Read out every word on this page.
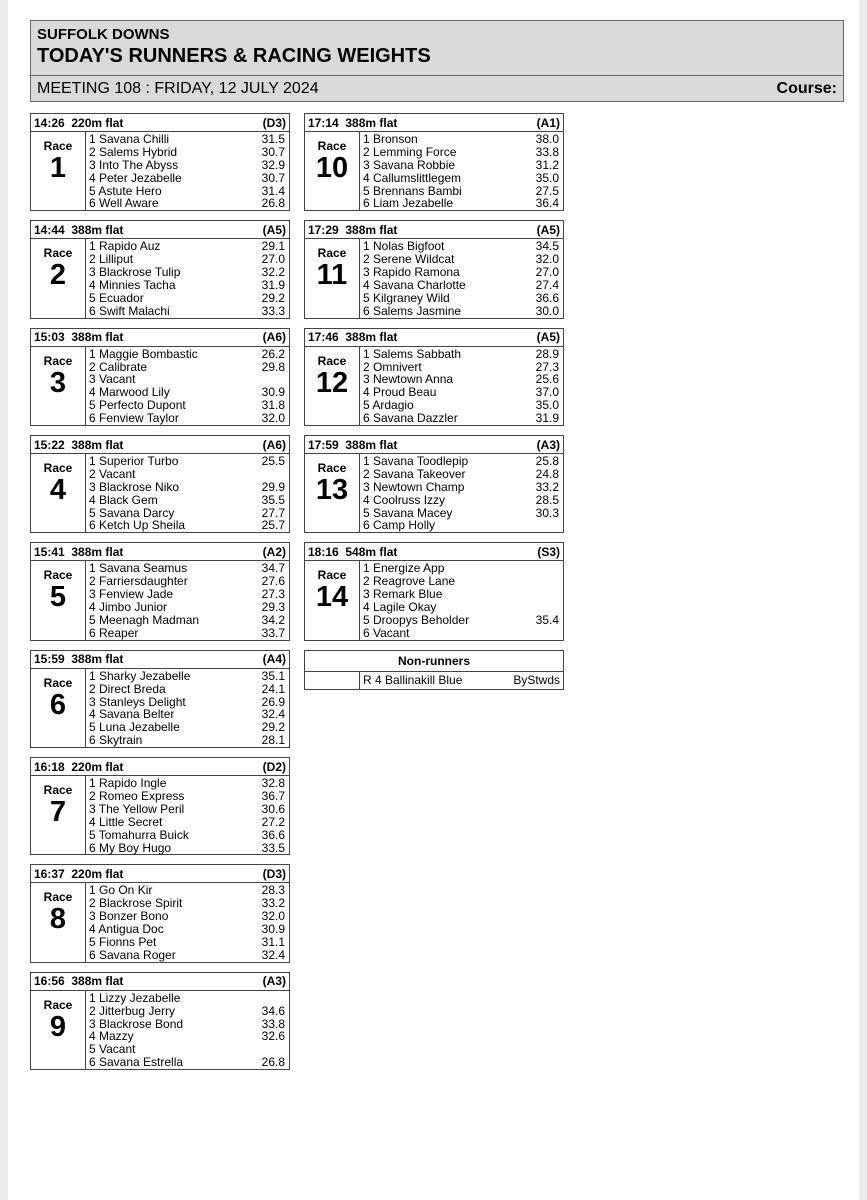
SUFFOLK DOWNS
TODAY'S RUNNERS & RACING WEIGHTS
MEETING 108 : FRIDAY, 12 JULY 2024	Course:
14:26 220m flat	(D3)
Race
1
1 Savana Chilli	31.5
2 Salems Hybrid	30.7
3 Into The Abyss	32.9
4 Peter Jezabelle	30.7
5 Astute Hero	31.4
6 Well Aware	26.8
14:44 388m flat	(A5)
Race
2
1 Rapido Auz	29.1
2 Lilliput	27.0
3 Blackrose Tulip	32.2
4 Minnies Tacha	31.9
5 Ecuador	29.2
6 Swift Malachi	33.3
15:03 388m flat	(A6)
Race
3
1 Maggie Bombastic	26.2
2 Calibrate	29.8
3 Vacant
4 Marwood Lily	30.9
5 Perfecto Dupont	31.8
6 Fenview Taylor	32.0
15:22 388m flat	(A6)
Race
4
1 Superior Turbo	25.5
2 Vacant
3 Blackrose Niko	29.9
4 Black Gem	35.5
5 Savana Darcy	27.7
6 Ketch Up Sheila	25.7
15:41 388m flat	(A2)
Race
5
1 Savana Seamus	34.7
2 Farriersdaughter	27.6
3 Fenview Jade	27.3
4 Jimbo Junior	29.3
5 Meenagh Madman	34.2
6 Reaper	33.7
15:59 388m flat	(A4)
Race
6
1 Sharky Jezabelle	35.1
2 Direct Breda	24.1
3 Stanleys Delight	26.9
4 Savana Belter	32.4
5 Luna Jezabelle	29.2
6 Skytrain	28.1
16:18 220m flat	(D2)
Race
7
1 Rapido Ingle	32.8
2 Romeo Express	36.7
3 The Yellow Peril	30.6
4 Little Secret	27.2
5 Tomahurra Buick	36.6
6 My Boy Hugo	33.5
16:37 220m flat	(D3)
Race
8
1 Go On Kir	28.3
2 Blackrose Spirit	33.2
3 Bonzer Bono	32.0
4 Antigua Doc	30.9
5 Fionns Pet	31.1
6 Savana Roger	32.4
16:56 388m flat	(A3)
Race
9
1 Lizzy Jezabelle
2 Jitterbug Jerry	34.6
3 Blackrose Bond	33.8
4 Mazzy	32.6
5 Vacant
6 Savana Estrella	26.8
17:14 388m flat	(A1)
Race
10
1 Bronson	38.0
2 Lemming Force	33.8
3 Savana Robbie	31.2
4 Callumslittlegem	35.0
5 Brennans Bambi	27.5
6 Liam Jezabelle	36.4
17:29 388m flat	(A5)
Race
11
1 Nolas Bigfoot	34.5
2 Serene Wildcat	32.0
3 Rapido Ramona	27.0
4 Savana Charlotte	27.4
5 Kilgraney Wild	36.6
6 Salems Jasmine	30.0
17:46 388m flat	(A5)
Race
12
1 Salems Sabbath	28.9
2 Omnivert	27.3
3 Newtown Anna	25.6
4 Proud Beau	37.0
5 Ardagio	35.0
6 Savana Dazzler	31.9
17:59 388m flat	(A3)
Race
13
1 Savana Toodlepip	25.8
2 Savana Takeover	24.8
3 Newtown Champ	33.2
4 Coolruss Izzy	28.5
5 Savana Macey	30.3
6 Camp Holly
18:16 548m flat	(S3)
Race
14
1 Energize App
2 Reagrove Lane
3 Remark Blue
4 Lagile Okay
5 Droopys Beholder	35.4
6 Vacant
Non-runners
R 4 Ballinakill Blue	ByStwds
